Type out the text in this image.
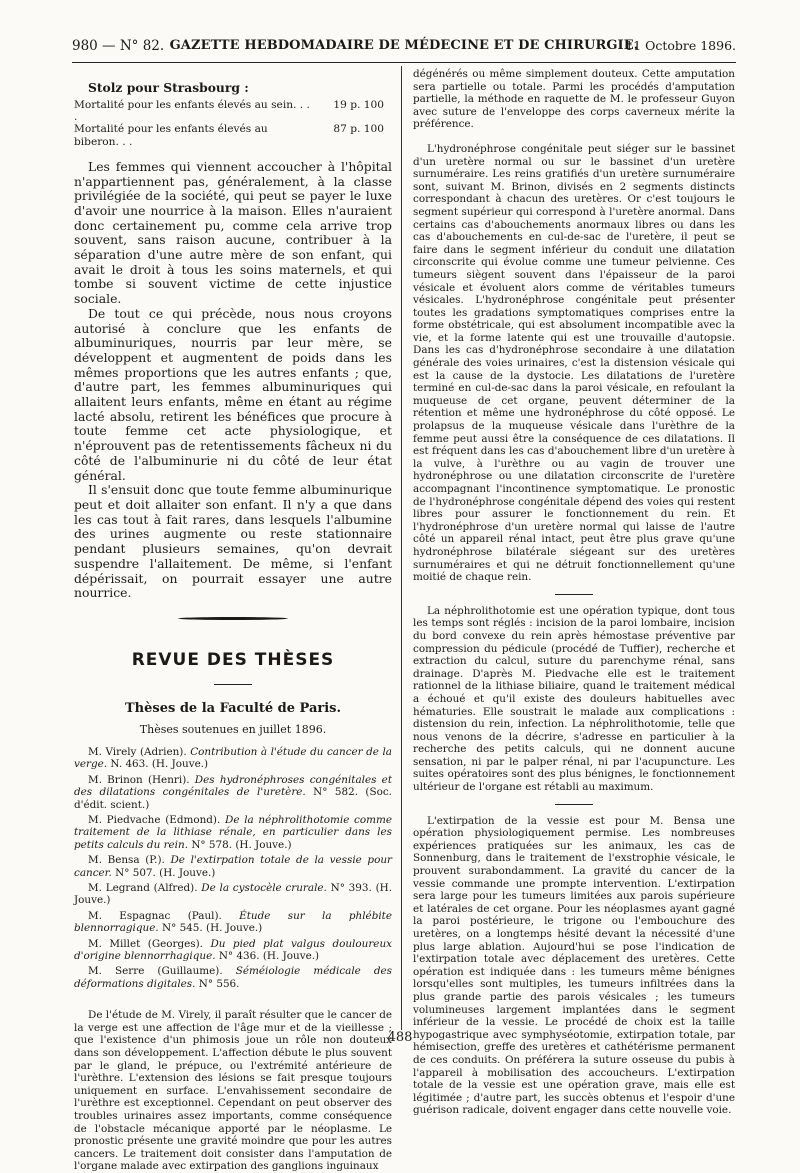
980 — N° 82. GAZETTE HEBDOMADAIRE DE MÉDECINE ET DE CHIRURGIE.
11 Octobre 1896.
Stolz pour Strasbourg :
Mortalité pour les enfants élevés au sein. . . .
19 p. 100
Mortalité pour les enfants élevés au biberon. . .
87 p. 100

Les femmes qui viennent accoucher à l'hôpital n'appartiennent pas, généralement, à la classe privilégiée de la société, qui peut se payer le luxe d'avoir une nourrice à la maison. Elles n'auraient donc certainement pu, comme cela arrive trop souvent, sans raison aucune, contribuer à la séparation d'une autre mère de son enfant, qui avait le droit à tous les soins maternels, et qui tombe si souvent victime de cette injustice sociale.

De tout ce qui précède, nous nous croyons autorisé à conclure que les enfants de albuminuriques, nourris par leur mère, se développent et augmentent de poids dans les mêmes proportions que les autres enfants ; que, d'autre part, les femmes albuminuriques qui allaitent leurs enfants, même en étant au régime lacté absolu, retirent les bénéfices que procure à toute femme cet acte physiologique, et n'éprouvent pas de retentissements fâcheux ni du côté de l'albuminurie ni du côté de leur état général.

Il s'ensuit donc que toute femme albuminurique peut et doit allaiter son enfant. Il n'y a que dans les cas tout à fait rares, dans lesquels l'albumine des urines augmente ou reste stationnaire pendant plusieurs semaines, qu'on devrait suspendre l'allaitement. De même, si l'enfant dépérissait, on pourrait essayer une autre nourrice.

REVUE DES THÈSES
Thèses de la Faculté de Paris.
Thèses soutenues en juillet 1896.

M. Virely (Adrien). Contribution à l'étude du cancer de la verge. N. 463. (H. Jouve.)

M. Brinon (Henri). Des hydronéphroses congénitales et des dilatations congénitales de l'uretère. N° 582. (Soc. d'édit. scient.)

M. Piedvache (Edmond). De la néphrolithotomie comme traitement de la lithiase rénale, en particulier dans les petits calculs du rein. N° 578. (H. Jouve.)

M. Bensa (P.). De l'extirpation totale de la vessie pour cancer. N° 507. (H. Jouve.)

M. Legrand (Alfred). De la cystocèle crurale. N° 393. (H. Jouve.)

M. Espagnac (Paul). Étude sur la phlébite blennorragique. N° 545. (H. Jouve.)

M. Millet (Georges). Du pied plat valgus douloureux d'origine blennorrhagique. N° 436. (H. Jouve.)

M. Serre (Guillaume). Séméiologie médicale des déformations digitales. N° 556.

De l'étude de M. Virely, il paraît résulter que le cancer de la verge est une affection de l'âge mur et de la vieillesse ; que l'existence d'un phimosis joue un rôle non douteux dans son développement. L'affection débute le plus souvent par le gland, le prépuce, ou l'extrémité antérieure de l'urèthre. L'extension des lésions se fait presque toujours uniquement en surface. L'envahissement secondaire de l'urèthre est exceptionnel. Cependant on peut observer des troubles urinaires assez importants, comme conséquence de l'obstacle mécanique apporté par le néoplasme. Le pronostic présente une gravité moindre que pour les autres cancers. Le traitement doit consister dans l'amputation de l'organe malade avec extirpation des ganglions inguinaux

dégénérés ou même simplement douteux. Cette amputation sera partielle ou totale. Parmi les procédés d'amputation partielle, la méthode en raquette de M. le professeur Guyon avec suture de l'enveloppe des corps caverneux mérite la préférence.

L'hydronéphrose congénitale peut siéger sur le bassinet d'un uretère normal ou sur le bassinet d'un uretère surnuméraire. Les reins gratifiés d'un uretère surnuméraire sont, suivant M. Brinon, divisés en 2 segments distincts correspondant à chacun des uretères. Or c'est toujours le segment supérieur qui correspond à l'uretère anormal. Dans certains cas d'abouchements anormaux libres ou dans les cas d'abouchements en cul-de-sac de l'uretère, il peut se faire dans le segment inférieur du conduit une dilatation circonscrite qui évolue comme une tumeur pelvienne. Ces tumeurs siègent souvent dans l'épaisseur de la paroi vésicale et évoluent alors comme de véritables tumeurs vésicales. L'hydronéphrose congénitale peut présenter toutes les gradations symptomatiques comprises entre la forme obstétricale, qui est absolument incompatible avec la vie, et la forme latente qui est une trouvaille d'autopsie. Dans les cas d'hydronéphrose secondaire à une dilatation générale des voies urinaires, c'est la distension vésicale qui est la cause de la dystocie. Les dilatations de l'uretère terminé en cul-de-sac dans la paroi vésicale, en refoulant la muqueuse de cet organe, peuvent déterminer de la rétention et même une hydronéphrose du côté opposé. Le prolapsus de la muqueuse vésicale dans l'urèthre de la femme peut aussi être la conséquence de ces dilatations. Il est fréquent dans les cas d'abouchement libre d'un uretère à la vulve, à l'urèthre ou au vagin de trouver une hydronéphrose ou une dilatation circonscrite de l'uretère accompagnant l'incontinence symptomatique. Le pronostic de l'hydronéphrose congénitale dépend des voies qui restent libres pour assurer le fonctionnement du rein. Et l'hydronéphrose d'un uretère normal qui laisse de l'autre côté un appareil rénal intact, peut être plus grave qu'une hydronéphrose bilatérale siégeant sur des uretères surnuméraires et qui ne détruit fonctionnellement qu'une moitié de chaque rein.

La néphrolithotomie est une opération typique, dont tous les temps sont réglés : incision de la paroi lombaire, incision du bord convexe du rein après hémostase préventive par compression du pédicule (procédé de Tuffier), recherche et extraction du calcul, suture du parenchyme rénal, sans drainage. D'après M. Piedvache elle est le traitement rationnel de la lithiase biliaire, quand le traitement médical a échoué et qu'il existe des douleurs habituelles avec hématuries. Elle soustrait le malade aux complications : distension du rein, infection. La néphrolithotomie, telle que nous venons de la décrire, s'adresse en particulier à la recherche des petits calculs, qui ne donnent aucune sensation, ni par le palper rénal, ni par l'acupuncture. Les suites opératoires sont des plus bénignes, le fonctionnement ultérieur de l'organe est rétabli au maximum.

L'extirpation de la vessie est pour M. Bensa une opération physiologiquement permise. Les nombreuses expériences pratiquées sur les animaux, les cas de Sonnenburg, dans le traitement de l'exstrophie vésicale, le prouvent surabondamment. La gravité du cancer de la vessie commande une prompte intervention. L'extirpation sera large pour les tumeurs limitées aux parois supérieure et latérales de cet organe. Pour les néoplasmes ayant gagné la paroi postérieure, le trigone ou l'embouchure des uretères, on a longtemps hésité devant la nécessité d'une plus large ablation. Aujourd'hui se pose l'indication de l'extirpation totale avec déplacement des uretères. Cette opération est indiquée dans : les tumeurs même bénignes lorsqu'elles sont multiples, les tumeurs infiltrées dans la plus grande partie des parois vésicales ; les tumeurs volumineuses largement implantées dans le segment inférieur de la vessie. Le procédé de choix est la taille hypogastrique avec symphyséotomie, extirpation totale, par hémisection, greffe des uretères et cathétérisme permanent de ces conduits. On préférera la suture osseuse du pubis à l'appareil à mobilisation des accoucheurs. L'extirpation totale de la vessie est une opération grave, mais elle est légitimée ; d'autre part, les succès obtenus et l'espoir d'une guérison radicale, doivent engager dans cette nouvelle voie.

488
